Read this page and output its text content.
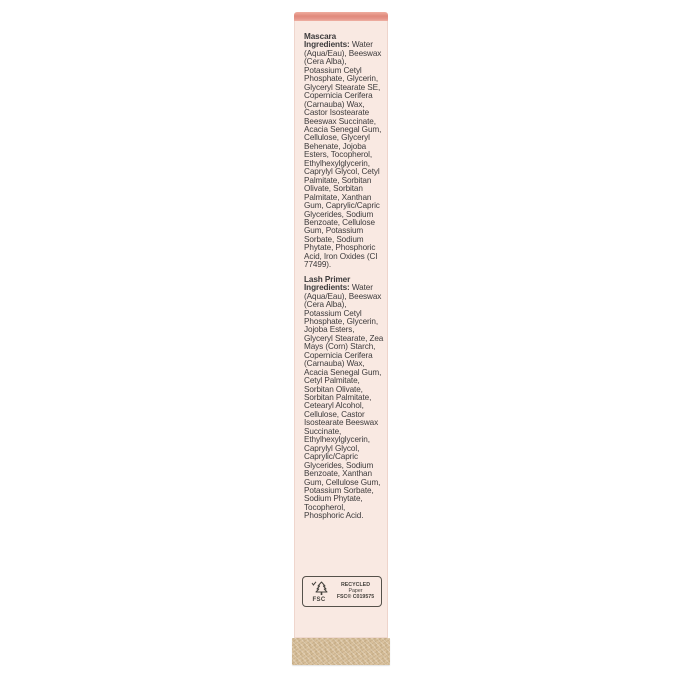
Mascara
Ingredients: Water (Aqua/Eau), Beeswax (Cera Alba), Potassium Cetyl Phosphate, Glycerin, Glyceryl Stearate SE, Copernicia Cerifera (Carnauba) Wax, Castor Isostearate Beeswax Succinate, Acacia Senegal Gum, Cellulose, Glyceryl Behenate, Jojoba Esters, Tocopherol, Ethylhexylglycerin, Caprylyl Glycol, Cetyl Palmitate, Sorbitan Olivate, Sorbitan Palmitate, Xanthan Gum, Caprylic/Capric Glycerides, Sodium Benzoate, Cellulose Gum, Potassium Sorbate, Sodium Phytate, Phosphoric Acid, Iron Oxides (CI 77499).
Lash Primer
Ingredients: Water (Aqua/Eau), Beeswax (Cera Alba), Potassium Cetyl Phosphate, Glycerin, Jojoba Esters, Glyceryl Stearate, Zea Mays (Corn) Starch, Copernicia Cerifera (Carnauba) Wax, Acacia Senegal Gum, Cetyl Palmitate, Sorbitan Olivate, Sorbitan Palmitate, Cetearyl Alcohol, Cellulose, Castor Isostearate Beeswax Succinate, Ethylhexylglycerin, Caprylyl Glycol, Caprylic/Capric Glycerides, Sodium Benzoate, Xanthan Gum, Cellulose Gum, Potassium Sorbate, Sodium Phytate, Tocopherol, Phosphoric Acid.
FSC
RECYCLED
Paper
FSC® C019575
